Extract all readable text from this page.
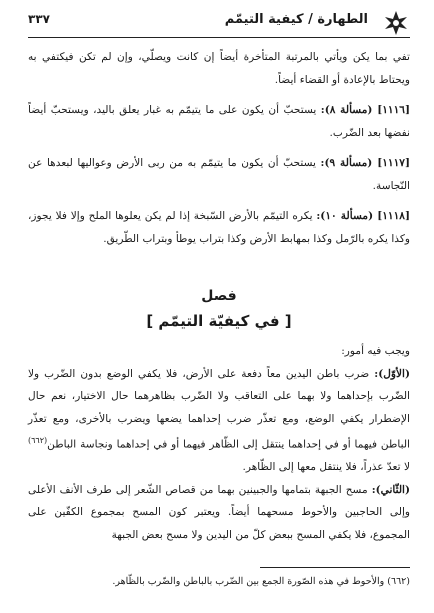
الطهارة / كيفية التيمّم
٣٣٧

تفي بما يكن ويأتي بالمرتبة المتأخرة أيضاً إن كانت ويصلّي، وإن لم تكن فيكتفي به ويحتاط بالإعادة أو القضاء أيضاً.

[١١١٦] (مسألة ٨): يستحبّ أن يكون على ما يتيمّم به غبار يعلق باليد، ويستحبّ أيضاً نفضها بعد الضّرب.

[١١١٧] (مسألة ٩): يستحبّ أن يكون ما يتيمّم به من ربى الأرض وعواليها لبعدها عن النّجاسة.

[١١١٨] (مسألة ١٠): يكره التيمّم بالأرض السّبخة إذا لم يكن يعلوها الملح وإلا فلا يجوز، وكذا يكره بالرّمل وكذا بمهابط الأرض وكذا بتراب يوطأ وبتراب الطّريق.

فصل
[ في كيفيّة التيمّم ]

ويجب فيه أمور:

(الأوّل): ضرب باطن اليدين معاً دفعة على الأرض، فلا يكفي الوضع بدون الضّرب ولا الضّرب بإحداهما ولا بهما على التعاقب ولا الضّرب بظاهرهما حال الاختيار، نعم حال الإضطرار يكفي الوضع، ومع تعذّر ضرب إحداهما يضعها ويضرب بالأخرى، ومع تعذّر الباطن فيهما أو في إحداهما ينتقل إلى الظّاهر فيهما أو في إحداهما ونجاسة الباطن$^{(٦٦٢)}$ لا تعدّ عذراً، فلا ينتقل معها إلى الظّاهر.

(الثّاني): مسح الجبهة بتمامها والجبينين بهما من قصاص الشّعر إلى طرف الأنف الأعلى وإلى الحاجبين والأحوط مسحهما أيضاً. ويعتبر كون المسح بمجموع الكفّين على المجموع، فلا يكفي المسح ببعض كلّ من اليدين ولا مسح بعض الجبهة

(٦٦٢) والأحوط في هذه الصّورة الجمع بين الضّرب بالباطن والضّرب بالظّاهر.
